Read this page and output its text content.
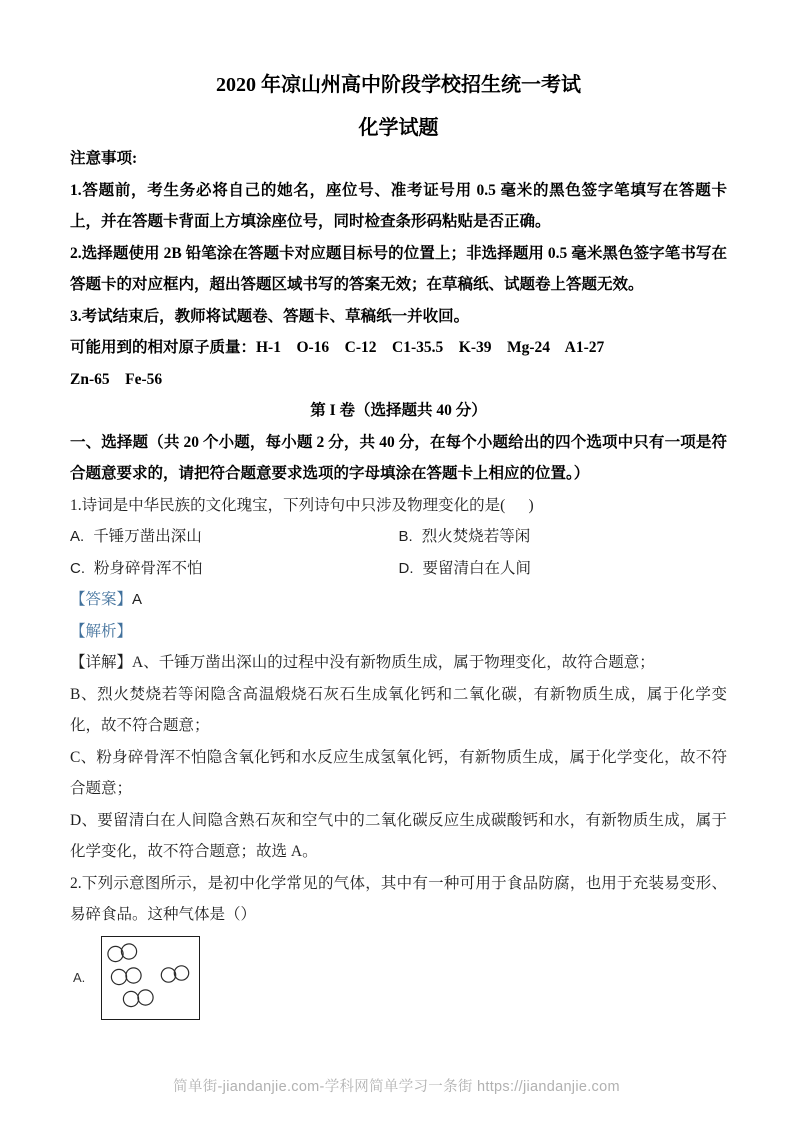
2020 年凉山州高中阶段学校招生统一考试
化学试题

注意事项:

1.答题前，考生务必将自己的她名，座位号、准考证号用 0.5 毫米的黑色签字笔填写在答题卡上，并在答题卡背面上方填涂座位号，同时检查条形码粘贴是否正确。

2.选择题使用 2B 铅笔涂在答题卡对应题目标号的位置上；非选择题用 0.5 毫米黑色签字笔书写在答题卡的对应框内，超出答题区域书写的答案无效；在草稿纸、试题卷上答题无效。

3.考试结束后，教师将试题卷、答题卡、草稿纸一并收回。

可能用到的相对原子质量：H-1    O-16    C-12    C1-35.5    K-39    Mg-24    A1-27

Zn-65    Fe-56

第 I 卷（选择题共 40 分）

一、选择题（共 20 个小题，每小题 2 分，共 40 分，在每个小题给出的四个选项中只有一项是符合题意要求的，请把符合题意要求选项的字母填涂在答题卡上相应的位置。）

1.诗词是中华民族的文化瑰宝，下列诗句中只涉及物理变化的是(      )

A. 千锤万凿出深山	B. 烈火焚烧若等闲
C. 粉身碎骨浑不怕	D. 要留清白在人间

【答案】A

【解析】

【详解】A、千锤万凿出深山的过程中没有新物质生成，属于物理变化，故符合题意；

B、烈火焚烧若等闲隐含高温煅烧石灰石生成氧化钙和二氧化碳，有新物质生成，属于化学变化，故不符合题意；

C、粉身碎骨浑不怕隐含氧化钙和水反应生成氢氧化钙，有新物质生成，属于化学变化，故不符合题意；

D、要留清白在人间隐含熟石灰和空气中的二氧化碳反应生成碳酸钙和水，有新物质生成，属于化学变化，故不符合题意；故选 A。

2.下列示意图所示，是初中化学常见的气体，其中有一种可用于食品防腐，也用于充装易变形、易碎食品。这种气体是（）

A.
简单街-jiandanjie.com-学科网简单学习一条街 https://jiandanjie.com
